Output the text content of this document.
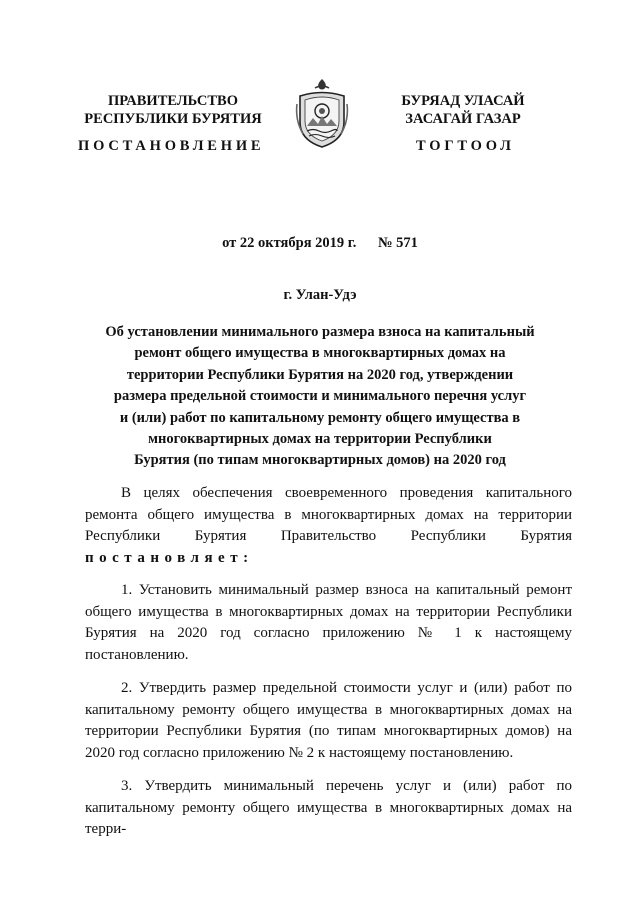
ПРАВИТЕЛЬСТВО
РЕСПУБЛИКИ БУРЯТИЯ
БУРЯАД УЛАСАЙ
ЗАСАГАЙ ГАЗАР
ПОСТАНОВЛЕНИЕ	ТОГТООЛ
от 22 октября 2019 г. № 571
г. Улан-Удэ
Об установлении минимального размера взноса на капитальный
ремонт общего имущества в многоквартирных домах на
территории Республики Бурятия на 2020 год, утверждении
размера предельной стоимости и минимального перечня услуг
и (или) работ по капитальному ремонту общего имущества в
многоквартирных домах на территории Республики
Бурятия (по типам многоквартирных домов) на 2020 год
В целях обеспечения своевременного проведения капитального ремонта общего имущества в многоквартирных домах на территории Республики Бурятия Правительство Республики Бурятия постановляет:
1. Установить минимальный размер взноса на капитальный ремонт общего имущества в многоквартирных домах на территории Республики Бурятия на 2020 год согласно приложению № 1 к настоящему постановлению.
2. Утвердить размер предельной стоимости услуг и (или) работ по капитальному ремонту общего имущества в многоквартирных домах на территории Республики Бурятия (по типам многоквартирных домов) на 2020 год согласно приложению № 2 к настоящему постановлению.
3. Утвердить минимальный перечень услуг и (или) работ по капитальному ремонту общего имущества в многоквартирных домах на терри-
